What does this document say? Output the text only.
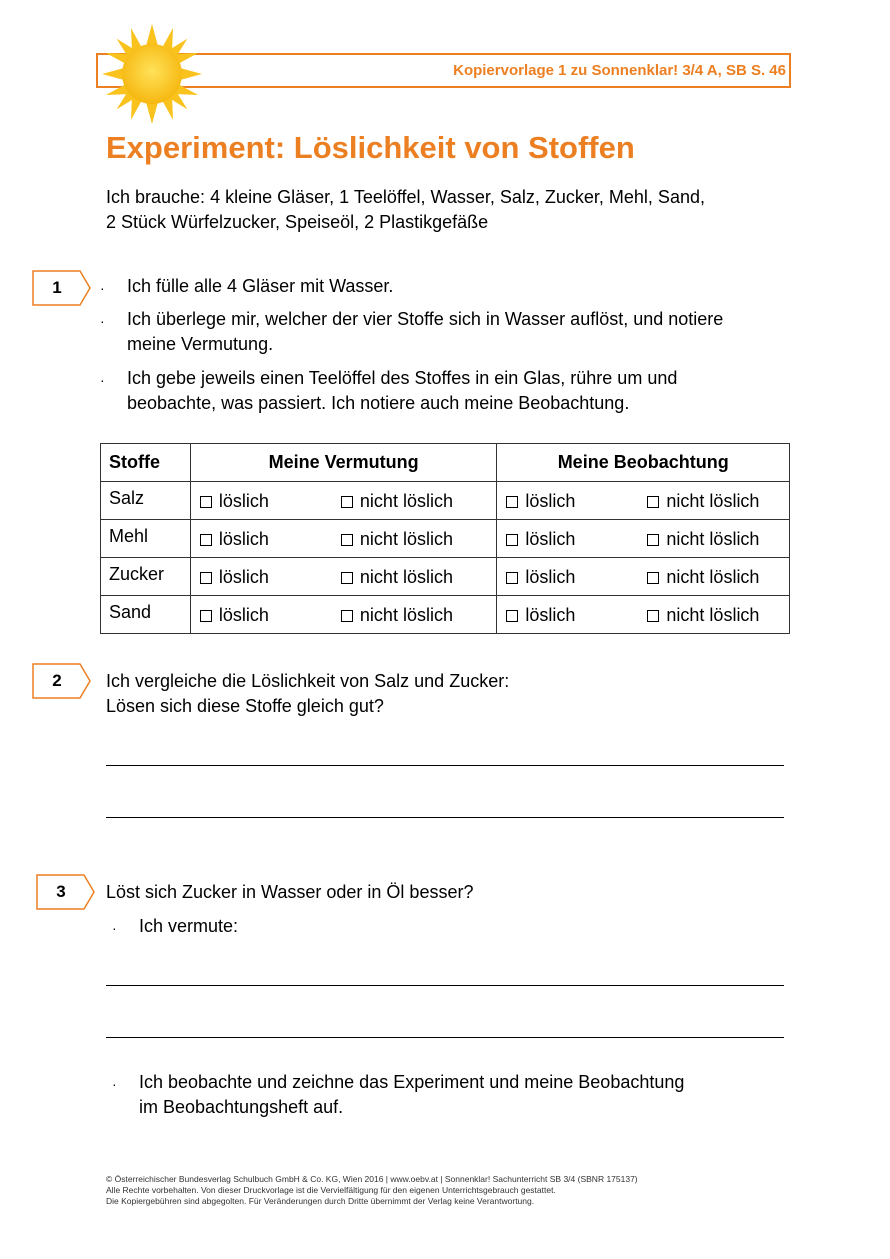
Kopiervorlage 1 zu Sonnenklar! 3/4 A, SB S. 46
Experiment: Löslichkeit von Stoffen
Ich brauche: 4 kleine Gläser, 1 Teelöffel, Wasser, Salz, Zucker, Mehl, Sand,
2 Stück Würfelzucker, Speiseöl, 2 Plastikgefäße
1	· Ich fülle alle 4 Gläser mit Wasser.
· Ich überlege mir, welcher der vier Stoffe sich in Wasser auflöst, und notiere
meine Vermutung.
· Ich gebe jeweils einen Teelöffel des Stoffes in ein Glas, rühre um und
beobachte, was passiert. Ich notiere auch meine Beobachtung.
Stoffe	Meine Vermutung	Meine Beobachtung
Salz	löslich nicht löslich	löslich nicht löslich

Mehl	löslich nicht löslich	löslich nicht löslich

Zucker	löslich nicht löslich	löslich nicht löslich

Sand	löslich nicht löslich	löslich nicht löslich
2	Ich vergleiche die Löslichkeit von Salz und Zucker:
Lösen sich diese Stoffe gleich gut?
3	Löst sich Zucker in Wasser oder in Öl besser?
· Ich vermute:
· Ich beobachte und zeichne das Experiment und meine Beobachtung
im Beobachtungsheft auf.
© Österreichischer Bundesverlag Schulbuch GmbH & Co. KG, Wien 2016 | www.oebv.at | Sonnenklar! Sachunterricht SB 3/4 (SBNR 175137)
Alle Rechte vorbehalten. Von dieser Druckvorlage ist die Vervielfältigung für den eigenen Unterrichtsgebrauch gestattet.
Die Kopiergebühren sind abgegolten. Für Veränderungen durch Dritte übernimmt der Verlag keine Verantwortung.
